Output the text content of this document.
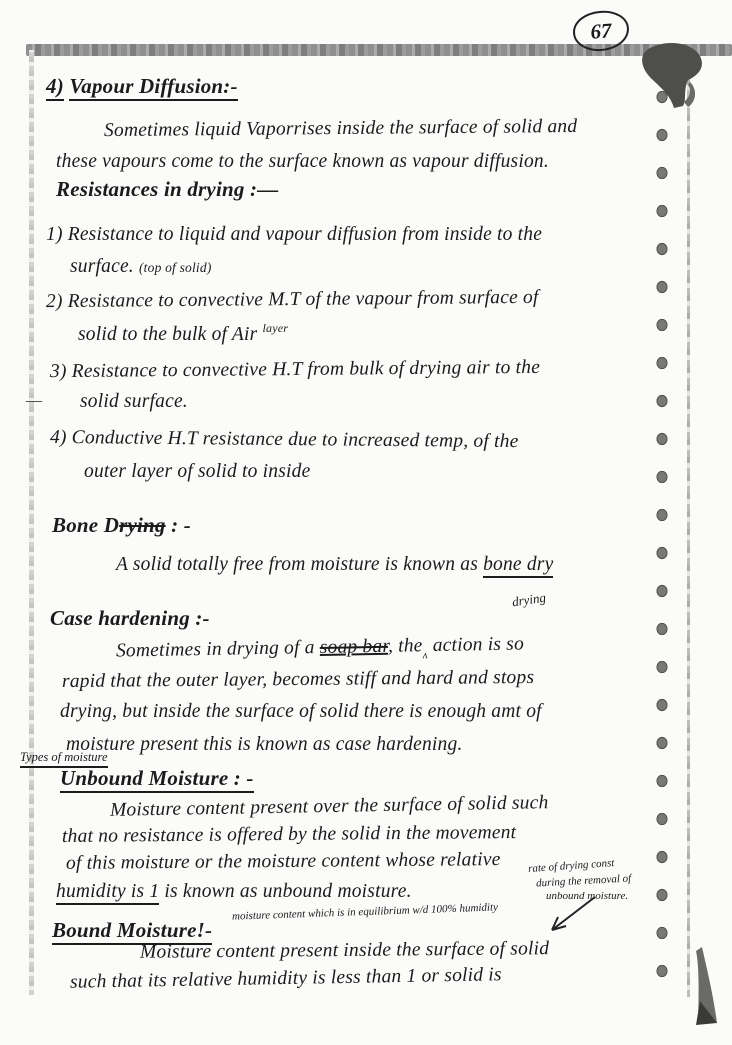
67
4) Vapour Diffusion:-
Sometimes liquid Vaporrises inside the surface of solid and
these vapours come to the surface known as vapour diffusion.
Resistances in drying :—
1) Resistance to liquid and vapour diffusion from inside to the
surface. (top of solid)
2) Resistance to convective M.T of the vapour from surface of
solid to the bulk of Air $^{layer}$
3) Resistance to convective H.T from bulk of drying air to the
— solid surface.
4) Conductive H.T resistance due to increased temp, of the
outer layer of solid to inside
Bone Drying : -
A solid totally free from moisture is known as bone dry
Case hardening :-
drying
Sometimes in drying of a soap bar, the$_ʌ$ action is so
rapid that the outer layer, becomes stiff and hard and stops
drying, but inside the surface of solid there is enough amt of
moisture present this is known as case hardening.
Types of moisture
Unbound Moisture : -
Moisture content present over the surface of solid such
that no resistance is offered by the solid in the movement
of this moisture or the moisture content whose relative
humidity is 1 is known as unbound moisture.
rate of drying const
during the removal of
unbound moisture.
moisture content which is in equilibrium w/d 100% humidity
Bound Moisture!-
Moisture content present inside the surface of solid
such that its relative humidity is less than 1 or solid is
